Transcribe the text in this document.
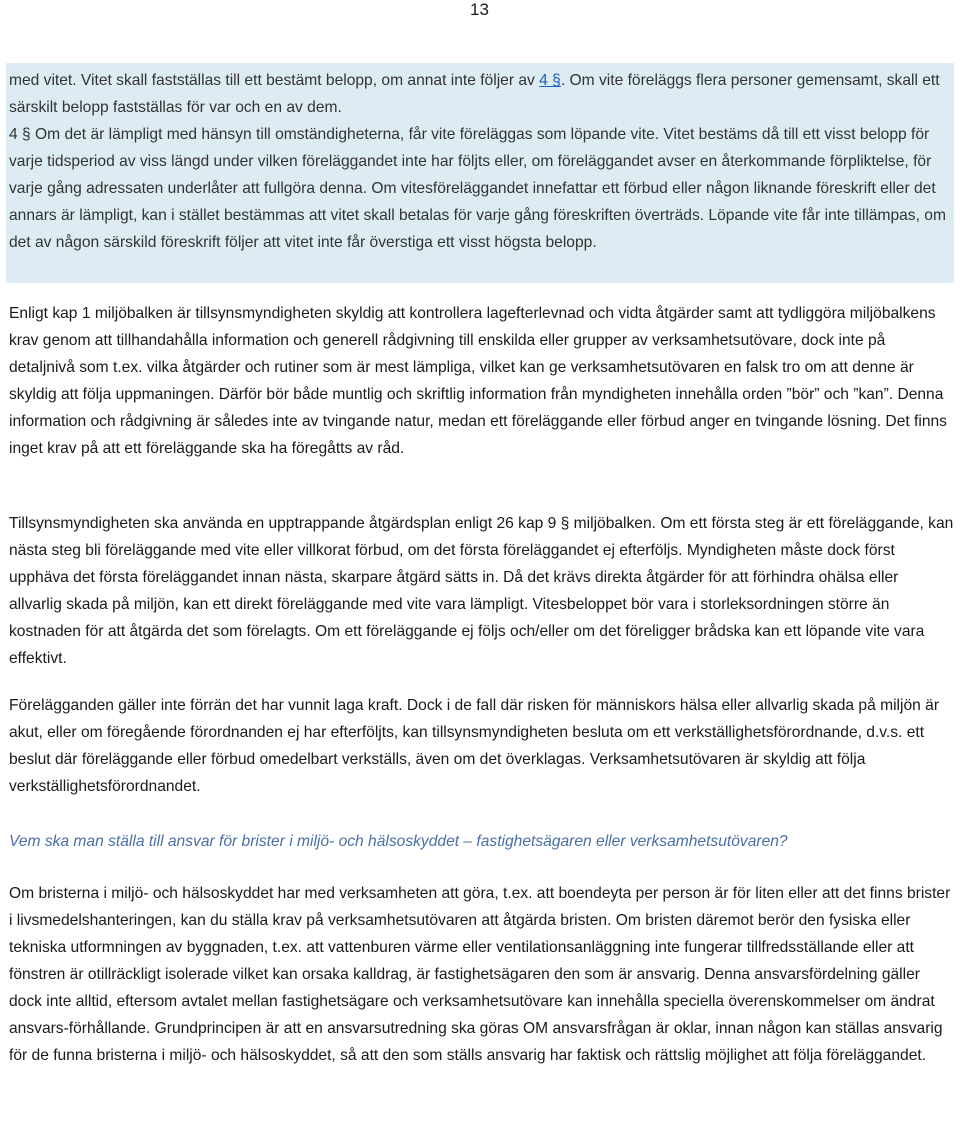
13

med vitet. Vitet skall fastställas till ett bestämt belopp, om annat inte följer av 4 §. Om vite föreläggs flera personer gemensamt, skall ett särskilt belopp fastställas för var och en av dem.

4 § Om det är lämpligt med hänsyn till omständigheterna, får vite föreläggas som löpande vite. Vitet bestäms då till ett visst belopp för varje tidsperiod av viss längd under vilken föreläggandet inte har följts eller, om föreläggandet avser en återkommande förpliktelse, för varje gång adressaten underlåter att fullgöra denna. Om vitesföreläggandet innefattar ett förbud eller någon liknande föreskrift eller det annars är lämpligt, kan i stället bestämmas att vitet skall betalas för varje gång föreskriften överträds. Löpande vite får inte tillämpas, om det av någon särskild föreskrift följer att vitet inte får överstiga ett visst högsta belopp.

Enligt kap 1 miljöbalken är tillsynsmyndigheten skyldig att kontrollera lagefterlevnad och vidta åtgärder samt att tydliggöra miljöbalkens krav genom att tillhandahålla information och generell rådgivning till enskilda eller grupper av verksamhetsutövare, dock inte på detaljnivå som t.ex. vilka åtgärder och rutiner som är mest lämpliga, vilket kan ge verksamhetsutövaren en falsk tro om att denne är skyldig att följa uppmaningen. Därför bör både muntlig och skriftlig information från myndigheten innehålla orden ”bör” och ”kan”. Denna information och rådgivning är således inte av tvingande natur, medan ett föreläggande eller förbud anger en tvingande lösning. Det finns inget krav på att ett föreläggande ska ha föregåtts av råd.

Tillsynsmyndigheten ska använda en upptrappande åtgärdsplan enligt 26 kap 9 § miljöbalken. Om ett första steg är ett föreläggande, kan nästa steg bli föreläggande med vite eller villkorat förbud, om det första föreläggandet ej efterföljs. Myndigheten måste dock först upphäva det första föreläggandet innan nästa, skarpare åtgärd sätts in. Då det krävs direkta åtgärder för att förhindra ohälsa eller allvarlig skada på miljön, kan ett direkt föreläggande med vite vara lämpligt. Vitesbeloppet bör vara i storleksordningen större än kostnaden för att åtgärda det som förelagts. Om ett föreläggande ej följs och/eller om det föreligger brådska kan ett löpande vite vara effektivt.

Förelägganden gäller inte förrän det har vunnit laga kraft. Dock i de fall där risken för människors hälsa eller allvarlig skada på miljön är akut, eller om föregående förordnanden ej har efterföljts, kan tillsynsmyndigheten besluta om ett verkställighetsförordnande, d.v.s. ett beslut där föreläggande eller förbud omedelbart verkställs, även om det överklagas. Verksamhetsutövaren är skyldig att följa verkställighetsförordnandet.

Vem ska man ställa till ansvar för brister i miljö- och hälsoskyddet – fastighetsägaren eller verksamhetsutövaren?

Om bristerna i miljö- och hälsoskyddet har med verksamheten att göra, t.ex. att boendeyta per person är för liten eller att det finns brister i livsmedelshanteringen, kan du ställa krav på verksamhetsutövaren att åtgärda bristen. Om bristen däremot berör den fysiska eller tekniska utformningen av byggnaden, t.ex. att vattenburen värme eller ventilationsanläggning inte fungerar tillfredsställande eller att fönstren är otillräckligt isolerade vilket kan orsaka kalldrag, är fastighetsägaren den som är ansvarig. Denna ansvarsfördelning gäller dock inte alltid, eftersom avtalet mellan fastighetsägare och verksamhetsutövare kan innehålla speciella överenskommelser om ändrat ansvars-förhållande. Grundprincipen är att en ansvarsutredning ska göras OM ansvarsfrågan är oklar, innan någon kan ställas ansvarig för de funna bristerna i miljö- och hälsoskyddet, så att den som ställs ansvarig har faktisk och rättslig möjlighet att följa föreläggandet.
